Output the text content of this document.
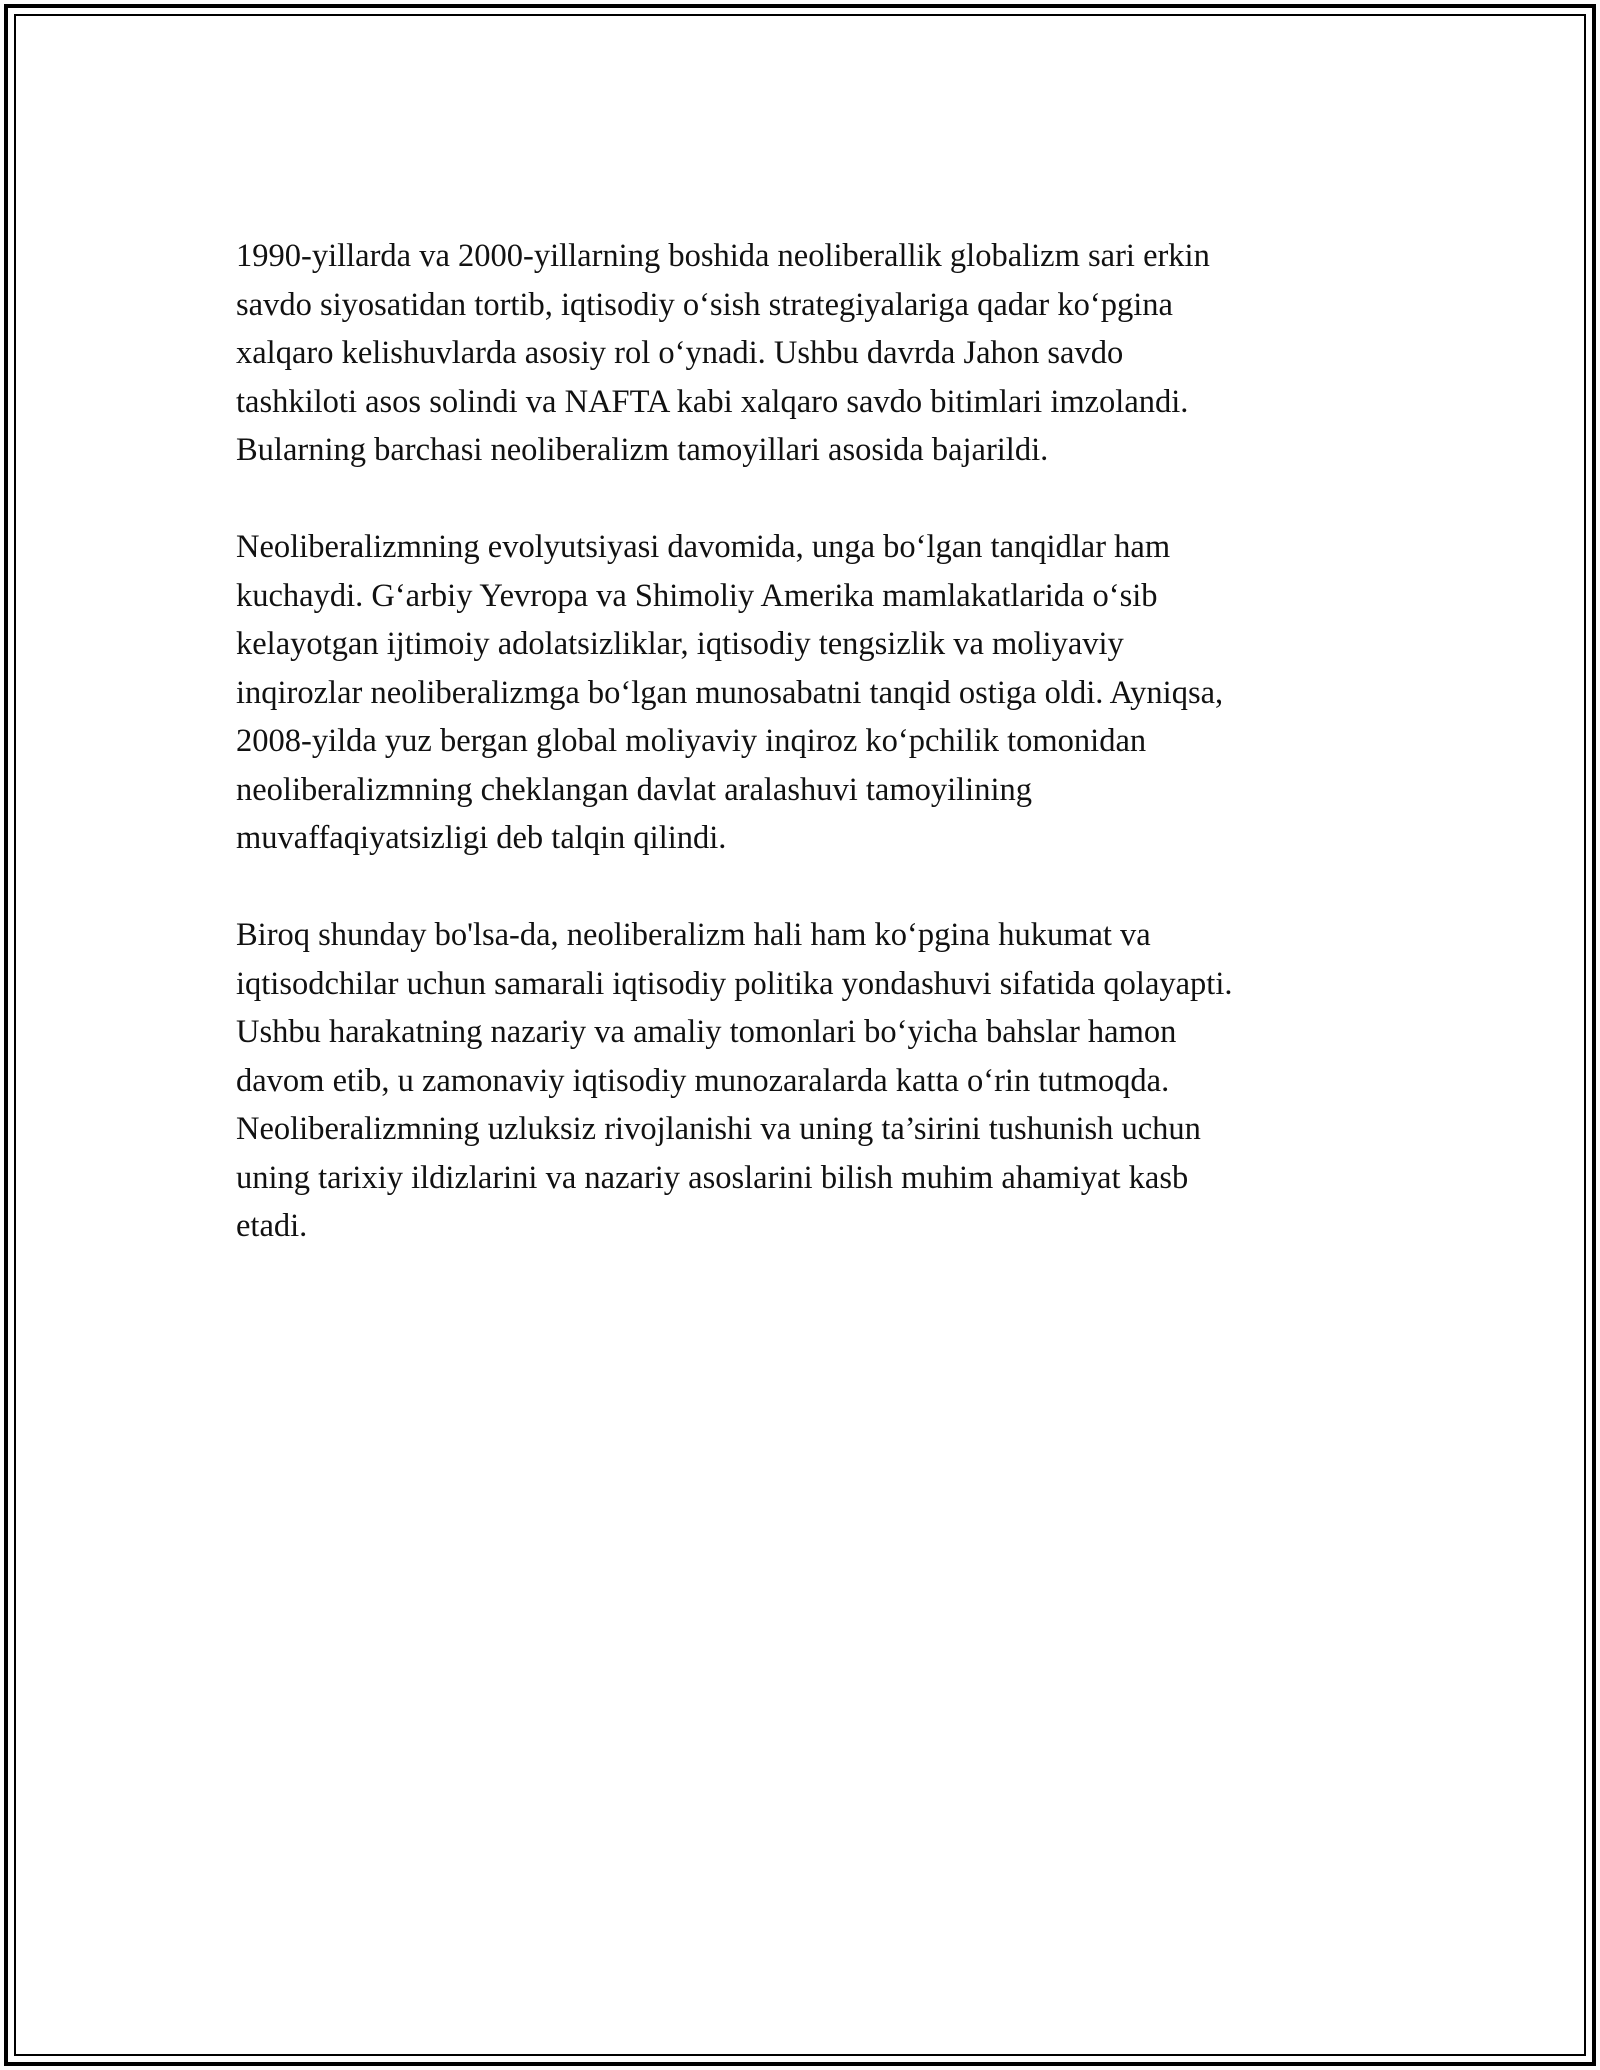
1990-yillarda va 2000-yillarning boshida neoliberallik globalizm sari erkin
savdo siyosatidan tortib, iqtisodiy o‘sish strategiyalariga qadar ko‘pgina
xalqaro kelishuvlarda asosiy rol o‘ynadi. Ushbu davrda Jahon savdo
tashkiloti asos solindi va NAFTA kabi xalqaro savdo bitimlari imzolandi.
Bularning barchasi neoliberalizm tamoyillari asosida bajarildi.

Neoliberalizmning evolyutsiyasi davomida, unga bo‘lgan tanqidlar ham
kuchaydi. G‘arbiy Yevropa va Shimoliy Amerika mamlakatlarida o‘sib
kelayotgan ijtimoiy adolatsizliklar, iqtisodiy tengsizlik va moliyaviy
inqirozlar neoliberalizmga bo‘lgan munosabatni tanqid ostiga oldi. Ayniqsa,
2008-yilda yuz bergan global moliyaviy inqiroz ko‘pchilik tomonidan
neoliberalizmning cheklangan davlat aralashuvi tamoyilining
muvaffaqiyatsizligi deb talqin qilindi.

Biroq shunday bo'lsa-da, neoliberalizm hali ham ko‘pgina hukumat va
iqtisodchilar uchun samarali iqtisodiy politika yondashuvi sifatida qolayapti.
Ushbu harakatning nazariy va amaliy tomonlari bo‘yicha bahslar hamon
davom etib, u zamonaviy iqtisodiy munozaralarda katta o‘rin tutmoqda.
Neoliberalizmning uzluksiz rivojlanishi va uning ta’sirini tushunish uchun
uning tarixiy ildizlarini va nazariy asoslarini bilish muhim ahamiyat kasb
etadi.
